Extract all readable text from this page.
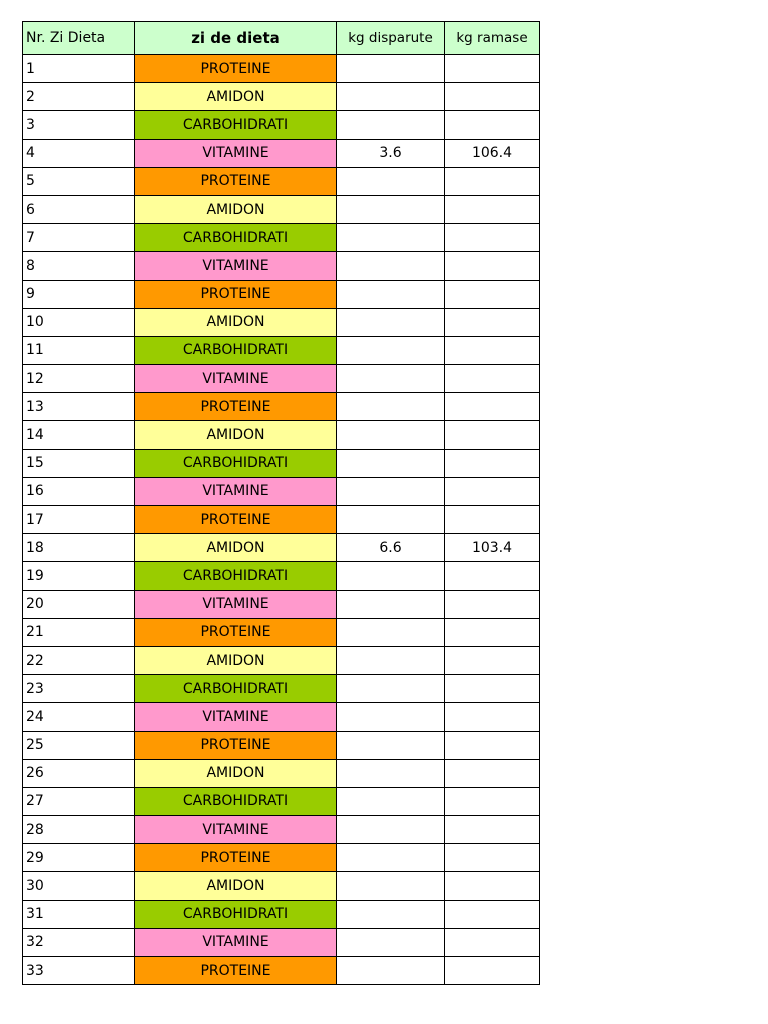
Nr. Zi Dieta	zi de dieta	kg disparute	kg ramase
1	PROTEINE		
2	AMIDON		
3	CARBOHIDRATI		
4	VITAMINE	3.6	106.4
5	PROTEINE		
6	AMIDON		
7	CARBOHIDRATI		
8	VITAMINE		
9	PROTEINE		
10	AMIDON		
11	CARBOHIDRATI		
12	VITAMINE		
13	PROTEINE		
14	AMIDON		
15	CARBOHIDRATI		
16	VITAMINE		
17	PROTEINE		
18	AMIDON	6.6	103.4
19	CARBOHIDRATI		
20	VITAMINE		
21	PROTEINE		
22	AMIDON		
23	CARBOHIDRATI		
24	VITAMINE		
25	PROTEINE		
26	AMIDON		
27	CARBOHIDRATI		
28	VITAMINE		
29	PROTEINE		
30	AMIDON		
31	CARBOHIDRATI		
32	VITAMINE		
33	PROTEINE		
